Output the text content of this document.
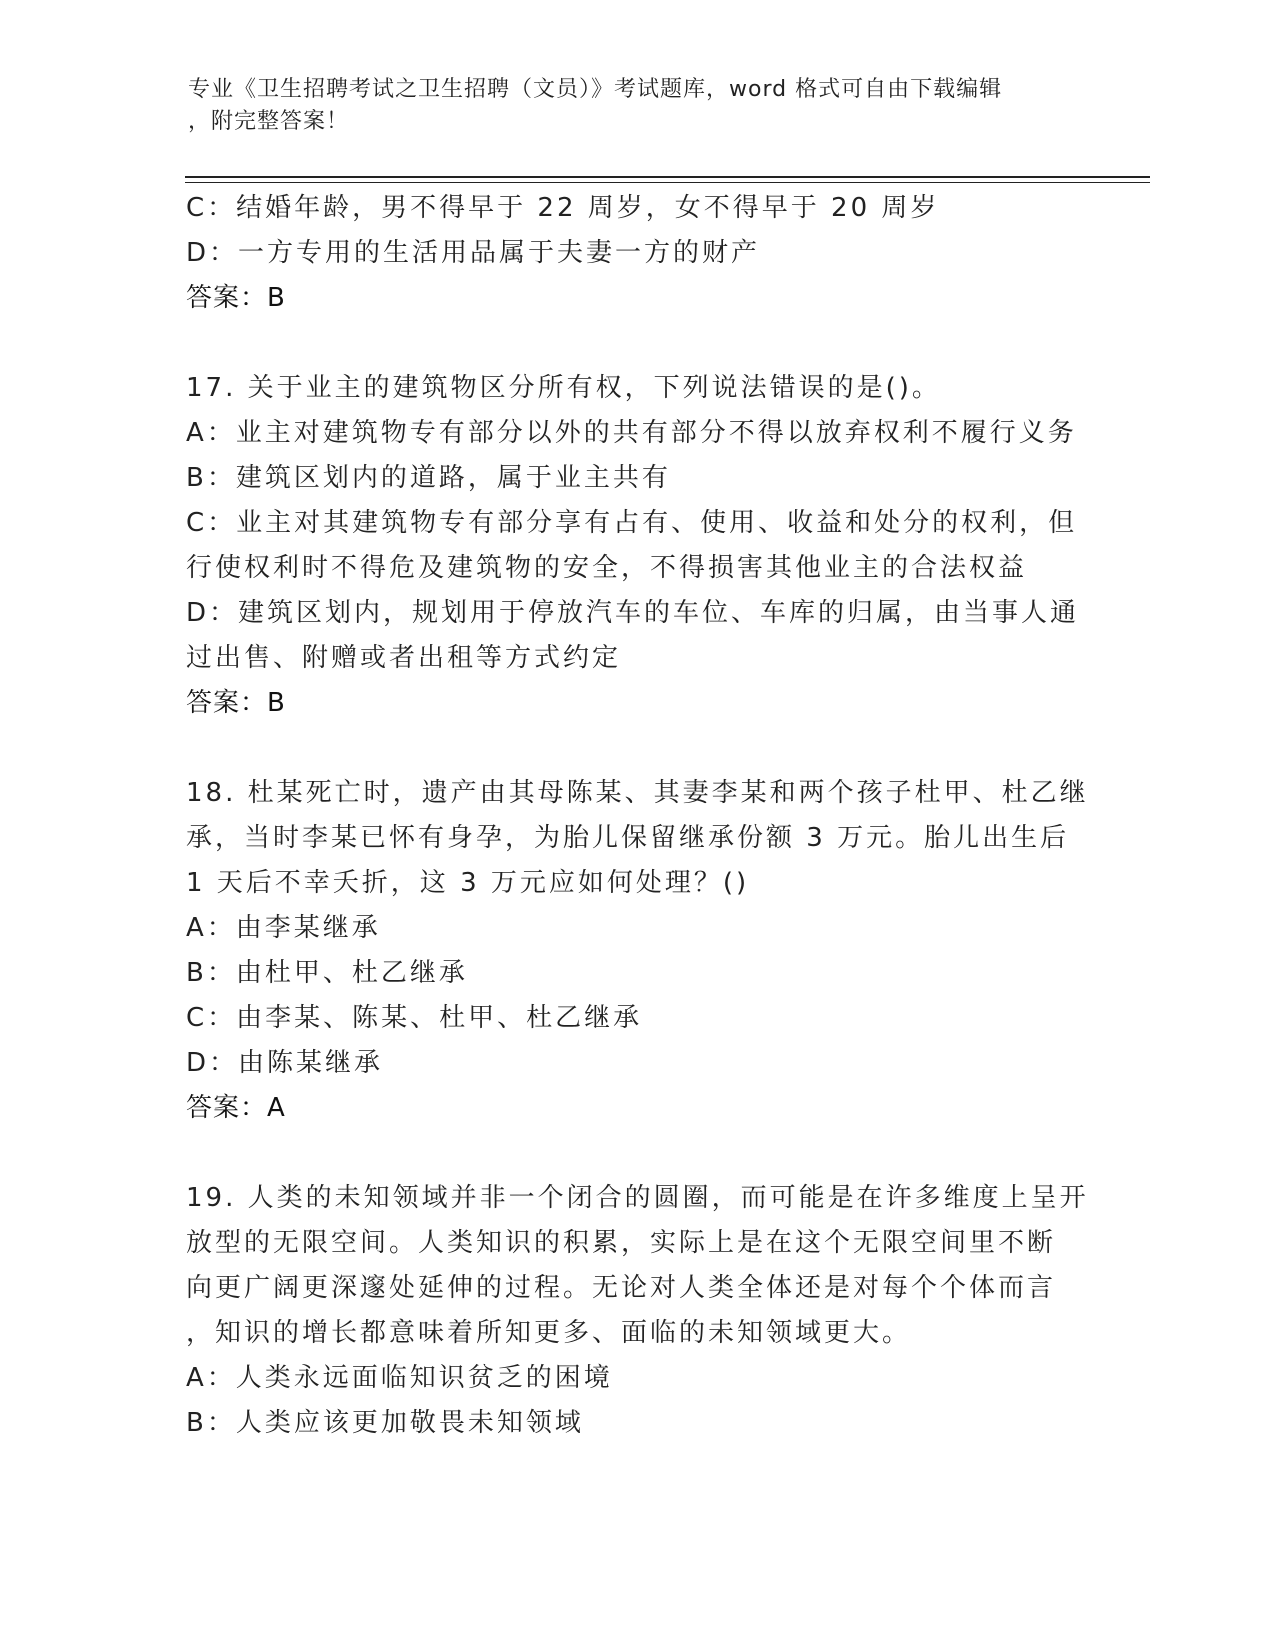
专业《卫生招聘考试之卫生招聘（文员）》考试题库，word 格式可自由下载编辑
，附完整答案！
C：结婚年龄，男不得早于 22 周岁，女不得早于 20 周岁
D：一方专用的生活用品属于夫妻一方的财产
答案：B
17. 关于业主的建筑物区分所有权，下列说法错误的是()。
A：业主对建筑物专有部分以外的共有部分不得以放弃权利不履行义务
B：建筑区划内的道路，属于业主共有
C：业主对其建筑物专有部分享有占有、使用、收益和处分的权利，但
行使权利时不得危及建筑物的安全，不得损害其他业主的合法权益
D：建筑区划内，规划用于停放汽车的车位、车库的归属，由当事人通
过出售、附赠或者出租等方式约定
答案：B
18. 杜某死亡时，遗产由其母陈某、其妻李某和两个孩子杜甲、杜乙继
承，当时李某已怀有身孕，为胎儿保留继承份额 3 万元。胎儿出生后
1 天后不幸夭折，这 3 万元应如何处理？()
A：由李某继承
B：由杜甲、杜乙继承
C：由李某、陈某、杜甲、杜乙继承
D：由陈某继承
答案：A
19. 人类的未知领域并非一个闭合的圆圈，而可能是在许多维度上呈开
放型的无限空间。人类知识的积累，实际上是在这个无限空间里不断
向更广阔更深邃处延伸的过程。无论对人类全体还是对每个个体而言
，知识的增长都意味着所知更多、面临的未知领域更大。
A：人类永远面临知识贫乏的困境
B：人类应该更加敬畏未知领域
